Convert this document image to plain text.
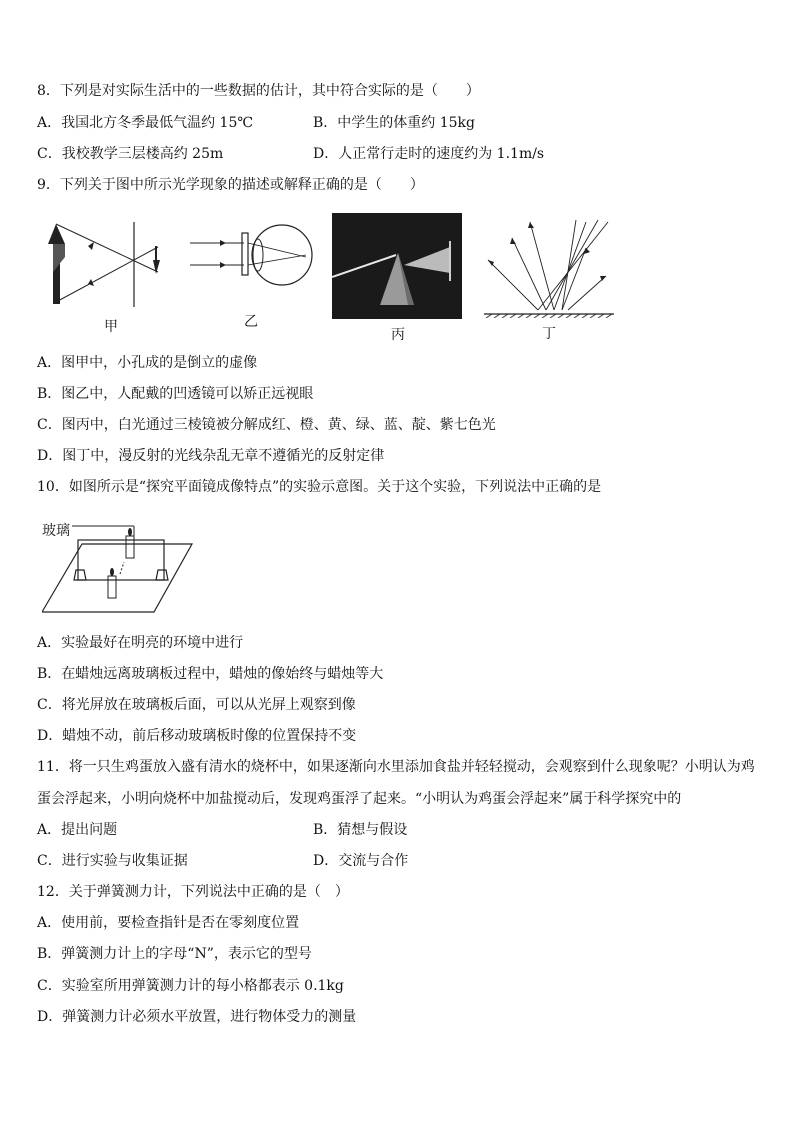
8．下列是对实际生活中的一些数据的估计，其中符合实际的是（　　）
A．我国北方冬季最低气温约 15℃	B．中学生的体重约 15kg
C．我校教学三层楼高约 25m	D．人正常行走时的速度约为 1.1m/s
9．下列关于图中所示光学现象的描述或解释正确的是（　　）
甲	乙
丙	丁
A．图甲中，小孔成的是倒立的虚像
B．图乙中，人配戴的凹透镜可以矫正远视眼
C．图丙中，白光通过三棱镜被分解成红、橙、黄、绿、蓝、靛、紫七色光
D．图丁中，漫反射的光线杂乱无章不遵循光的反射定律
10．如图所示是“探究平面镜成像特点”的实验示意图。关于这个实验，下列说法中正确的是
玻璃
A．实验最好在明亮的环境中进行
B．在蜡烛远离玻璃板过程中，蜡烛的像始终与蜡烛等大
C．将光屏放在玻璃板后面，可以从光屏上观察到像
D．蜡烛不动，前后移动玻璃板时像的位置保持不变
11．将一只生鸡蛋放入盛有清水的烧杯中，如果逐渐向水里添加食盐并轻轻搅动，会观察到什么现象呢？小明认为鸡
蛋会浮起来，小明向烧杯中加盐搅动后，发现鸡蛋浮了起来。“小明认为鸡蛋会浮起来”属于科学探究中的
A．提出问题	B．猜想与假设
C．进行实验与收集证据	D．交流与合作
12．关于弹簧测力计，下列说法中正确的是（　）
A．使用前，要检查指针是否在零刻度位置
B．弹簧测力计上的字母“N”，表示它的型号
C．实验室所用弹簧测力计的每小格都表示 0.1kg
D．弹簧测力计必须水平放置，进行物体受力的测量
